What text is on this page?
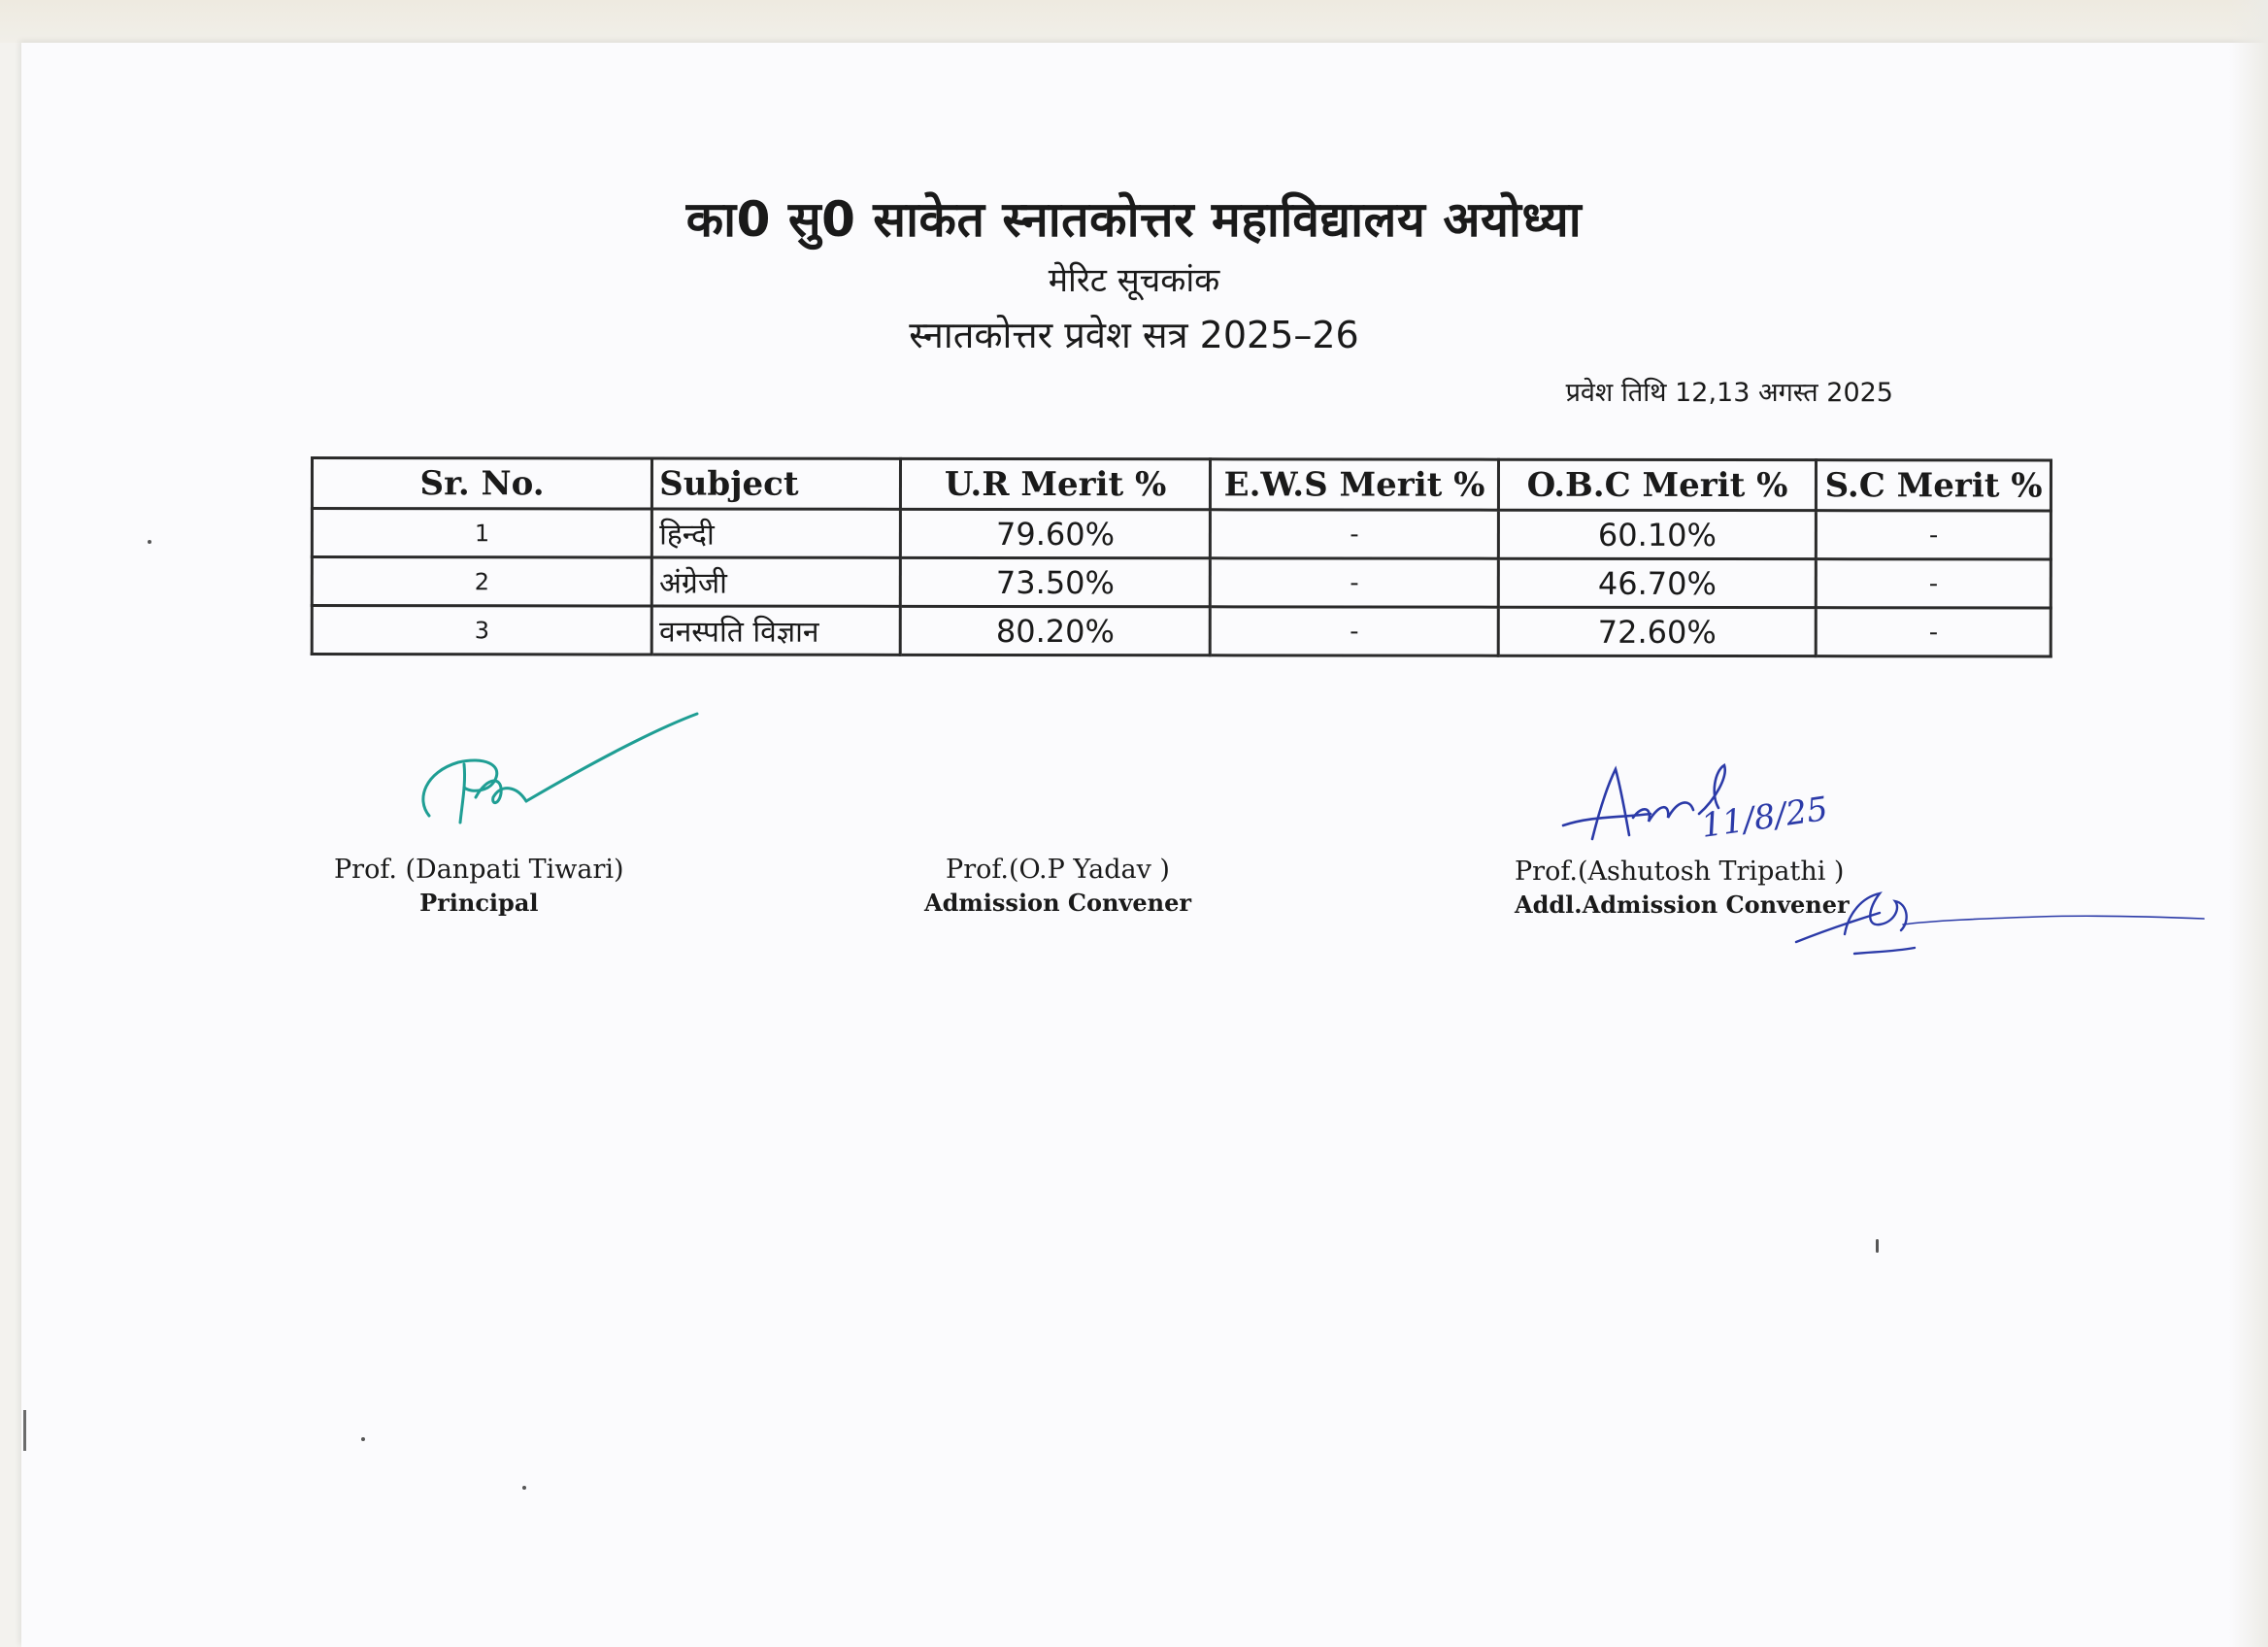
का0 सु0 साकेत स्नातकोत्तर महाविद्यालय अयोध्या
मेरिट सूचकांक
स्नातकोत्तर प्रवेश सत्र 2025–26
प्रवेश तिथि 12,13 अगस्त 2025
Sr. No.	Subject	U.R Merit %	E.W.S Merit %	O.B.C Merit %	S.C Merit %
1	हिन्दी	79.60%	-	60.10%	-
2	अंग्रेजी	73.50%	-	46.70%	-
3	वनस्पति विज्ञान	80.20%	-	72.60%	-
11/8/25
Prof. (Danpati Tiwari)
Principal
Prof.(O.P Yadav )
Admission Convener
Prof.(Ashutosh Tripathi )
Addl.Admission Convener
